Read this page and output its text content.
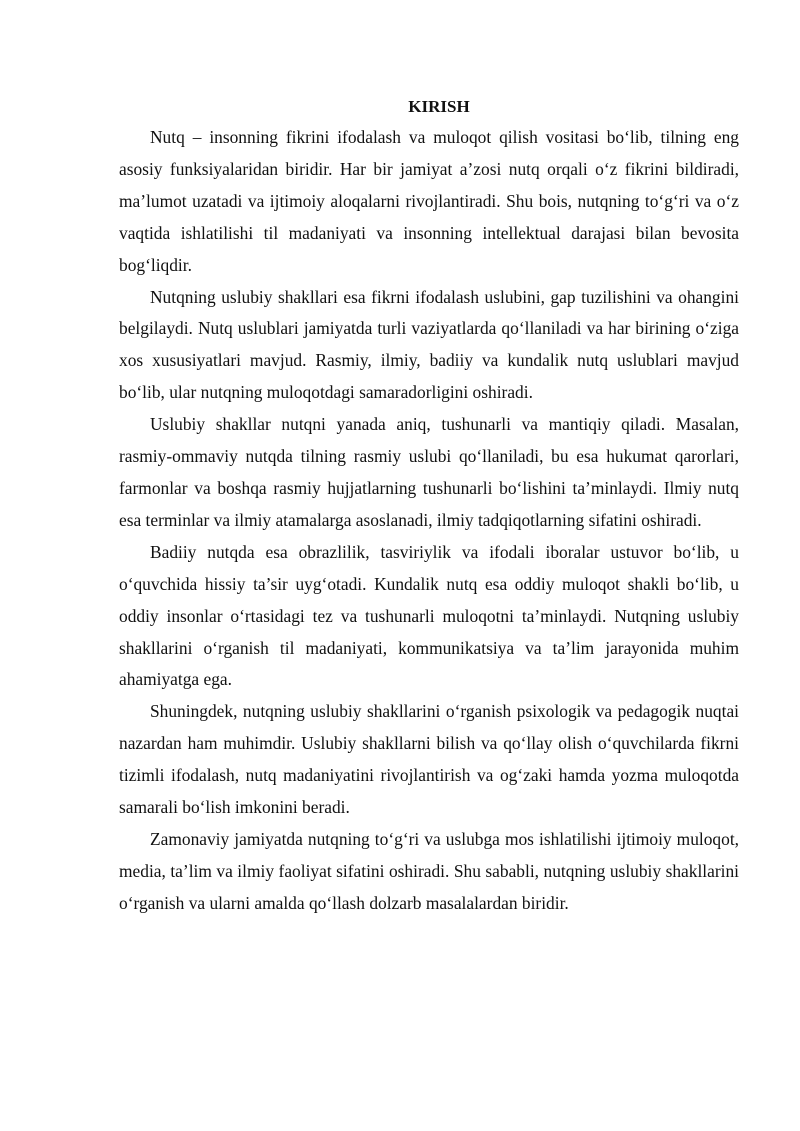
KIRISH

Nutq – insonning fikrini ifodalash va muloqot qilish vositasi bo‘lib, tilning eng asosiy funksiyalaridan biridir. Har bir jamiyat a’zosi nutq orqali o‘z fikrini bildiradi, ma’lumot uzatadi va ijtimoiy aloqalarni rivojlantiradi. Shu bois, nutqning to‘g‘ri va o‘z vaqtida ishlatilishi til madaniyati va insonning intellektual darajasi bilan bevosita bog‘liqdir.

Nutqning uslubiy shakllari esa fikrni ifodalash uslubini, gap tuzilishini va ohangini belgilaydi. Nutq uslublari jamiyatda turli vaziyatlarda qo‘llaniladi va har birining o‘ziga xos xususiyatlari mavjud. Rasmiy, ilmiy, badiiy va kundalik nutq uslublari mavjud bo‘lib, ular nutqning muloqotdagi samaradorligini oshiradi.

Uslubiy shakllar nutqni yanada aniq, tushunarli va mantiqiy qiladi. Masalan, rasmiy-ommaviy nutqda tilning rasmiy uslubi qo‘llaniladi, bu esa hukumat qarorlari, farmonlar va boshqa rasmiy hujjatlarning tushunarli bo‘lishini ta’minlaydi. Ilmiy nutq esa terminlar va ilmiy atamalarga asoslanadi, ilmiy tadqiqotlarning sifatini oshiradi.

Badiiy nutqda esa obrazlilik, tasviriylik va ifodali iboralar ustuvor bo‘lib, u o‘quvchida hissiy ta’sir uyg‘otadi. Kundalik nutq esa oddiy muloqot shakli bo‘lib, u oddiy insonlar o‘rtasidagi tez va tushunarli muloqotni ta’minlaydi. Nutqning uslubiy shakllarini o‘rganish til madaniyati, kommunikatsiya va ta’lim jarayonida muhim ahamiyatga ega.

Shuningdek, nutqning uslubiy shakllarini o‘rganish psixologik va pedagogik nuqtai nazardan ham muhimdir. Uslubiy shakllarni bilish va qo‘llay olish o‘quvchilarda fikrni tizimli ifodalash, nutq madaniyatini rivojlantirish va og‘zaki hamda yozma muloqotda samarali bo‘lish imkonini beradi.

Zamonaviy jamiyatda nutqning to‘g‘ri va uslubga mos ishlatilishi ijtimoiy muloqot, media, ta’lim va ilmiy faoliyat sifatini oshiradi. Shu sababli, nutqning uslubiy shakllarini o‘rganish va ularni amalda qo‘llash dolzarb masalalardan biridir.
